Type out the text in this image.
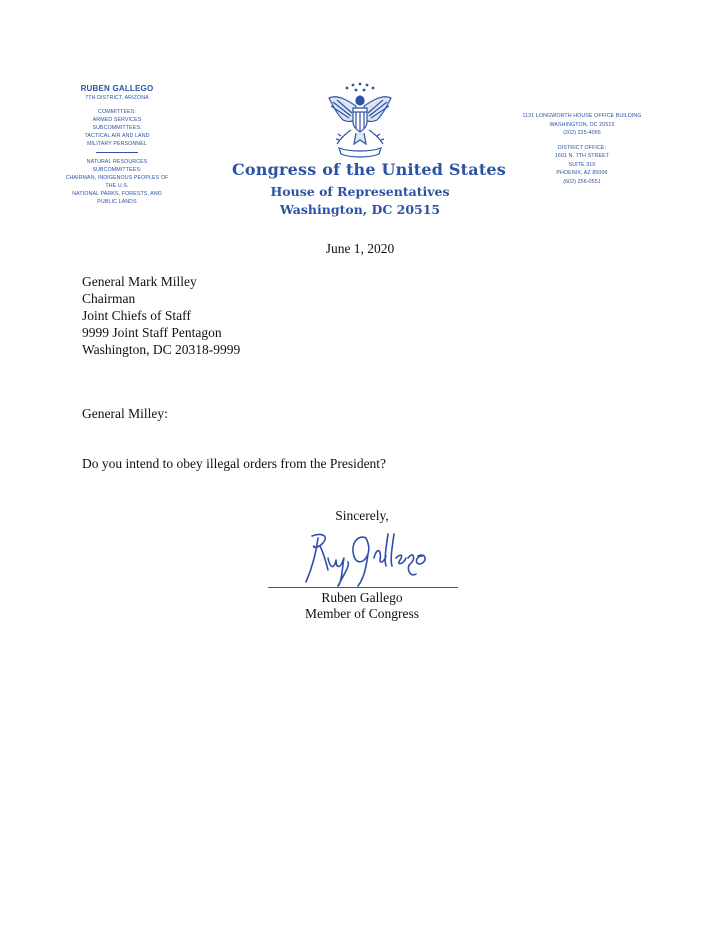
RUBEN GALLEGO
7TH DISTRICT, ARIZONA
COMMITTEES:
ARMED SERVICES
SUBCOMMITTEES:
TACTICAL AIR AND LAND
MILITARY PERSONNEL
NATURAL RESOURCES
SUBCOMMITTEES:
CHAIRMAN, INDIGENOUS PEOPLES OF THE U.S.
NATIONAL PARKS, FORESTS, AND PUBLIC LANDS
Congress of the United States
House of Representatives
Washington, DC 20515
1131 LONGWORTH HOUSE OFFICE BUILDING
WASHINGTON, DC 20515
(202) 225-4065
DISTRICT OFFICE:
1601 N. 7TH STREET
SUITE 310
PHOENIX, AZ 85006
(602) 256-0551
June 1, 2020
General Mark Milley
Chairman
Joint Chiefs of Staff
9999 Joint Staff Pentagon
Washington, DC 20318-9999
General Milley:
Do you intend to obey illegal orders from the President?
Sincerely,
Ruben Gallego
Member of Congress
